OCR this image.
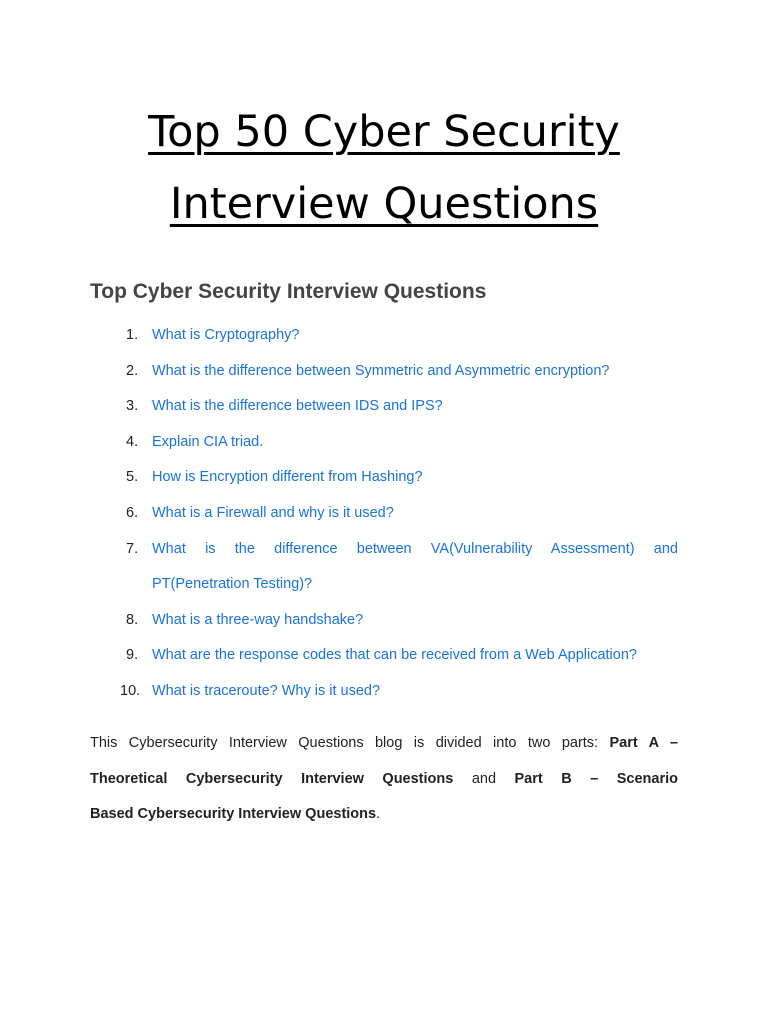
Top 50 Cyber Security
Interview Questions
Top Cyber Security Interview Questions
1. What is Cryptography?
2. What is the difference between Symmetric and Asymmetric encryption?
3. What is the difference between IDS and IPS?
4. Explain CIA triad.
5. How is Encryption different from Hashing?
6. What is a Firewall and why is it used?
7. What is the difference between VA(Vulnerability Assessment) and
PT(Penetration Testing)?
8. What is a three-way handshake?
9. What are the response codes that can be received from a Web Application?
10. What is traceroute? Why is it used?

This Cybersecurity Interview Questions blog is divided into two parts: Part A –
Theoretical Cybersecurity Interview Questions and Part B – Scenario
Based Cybersecurity Interview Questions.
